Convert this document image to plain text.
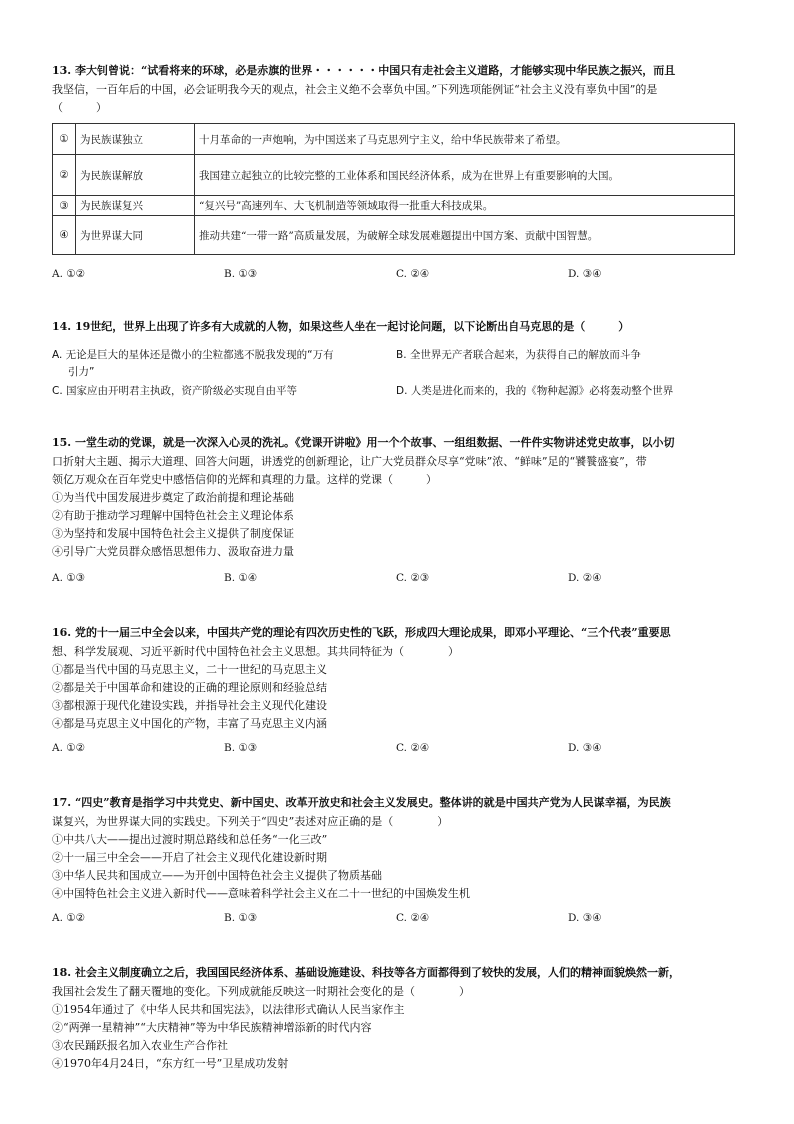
13. 李大钊曾说：“试看将来的环球，必是赤旗的世界・・・・・・中国只有走社会主义道路，才能够实现中华民族之振兴，而且
我坚信，一百年后的中国，必会证明我今天的观点，社会主义绝不会辜负中国。”下列选项能例证“社会主义没有辜负中国”的是
（　　　）
①	为民族谋独立	十月革命的一声炮响，为中国送来了马克思列宁主义，给中华民族带来了希望。
②	为民族谋解放	我国建立起独立的比较完整的工业体系和国民经济体系，成为在世界上有重要影响的大国。
③	为民族谋复兴	“复兴号”高速列车、大飞机制造等领域取得一批重大科技成果。
④	为世界谋大同	推动共建“一带一路”高质量发展，为破解全球发展难题提出中国方案、贡献中国智慧。
A. ①②	B. ①③	C. ②④	D. ③④
14. 19世纪，世界上出现了许多有大成就的人物，如果这些人坐在一起讨论问题，以下论断出自马克思的是（　　　）
A. 无论是巨大的星体还是微小的尘粒都逃不脱我发现的“万有
引力”
B. 全世界无产者联合起来，为获得自己的解放而斗争
C. 国家应由开明君主执政，资产阶级必实现自由平等	D. 人类是进化而来的，我的《物种起源》必将轰动整个世界
15. 一堂生动的党课，就是一次深入心灵的洗礼。《党课开讲啦》用一个个故事、一组组数据、一件件实物讲述党史故事，以小切
口折射大主题、揭示大道理、回答大问题，讲透党的创新理论，让广大党员群众尽享“党味”浓、“鲜味”足的“饕餮盛宴”，带
领亿万观众在百年党史中感悟信仰的光辉和真理的力量。这样的党课（　　　）
①为当代中国发展进步奠定了政治前提和理论基础
②有助于推动学习理解中国特色社会主义理论体系
③为坚持和发展中国特色社会主义提供了制度保证
④引导广大党员群众感悟思想伟力、汲取奋进力量
A. ①③	B. ①④	C. ②③	D. ②④
16. 党的十一届三中全会以来，中国共产党的理论有四次历史性的飞跃，形成四大理论成果，即邓小平理论、“三个代表”重要思
想、科学发展观、习近平新时代中国特色社会主义思想。其共同特征为（　　　　）
①都是当代中国的马克思主义，二十一世纪的马克思主义
②都是关于中国革命和建设的正确的理论原则和经验总结
③都根源于现代化建设实践，并指导社会主义现代化建设
④都是马克思主义中国化的产物，丰富了马克思主义内涵
A. ①②	B. ①③	C. ②④	D. ③④
17. “四史”教育是指学习中共党史、新中国史、改革开放史和社会主义发展史。整体讲的就是中国共产党为人民谋幸福，为民族
谋复兴，为世界谋大同的实践史。下列关于“四史”表述对应正确的是（　　　　）
①中共八大——提出过渡时期总路线和总任务“一化三改”
②十一届三中全会——开启了社会主义现代化建设新时期
③中华人民共和国成立——为开创中国特色社会主义提供了物质基础
④中国特色社会主义进入新时代——意味着科学社会主义在二十一世纪的中国焕发生机
A. ①②	B. ①③	C. ②④	D. ③④
18. 社会主义制度确立之后，我国国民经济体系、基础设施建设、科技等各方面都得到了较快的发展，人们的精神面貌焕然一新，
我国社会发生了翻天覆地的变化。下列成就能反映这一时期社会变化的是（　　　　）
①1954年通过了《中华人民共和国宪法》，以法律形式确认人民当家作主
②“两弹一星精神”“大庆精神”等为中华民族精神增添新的时代内容
③农民踊跃报名加入农业生产合作社
④1970年4月24日，“东方红一号”卫星成功发射
